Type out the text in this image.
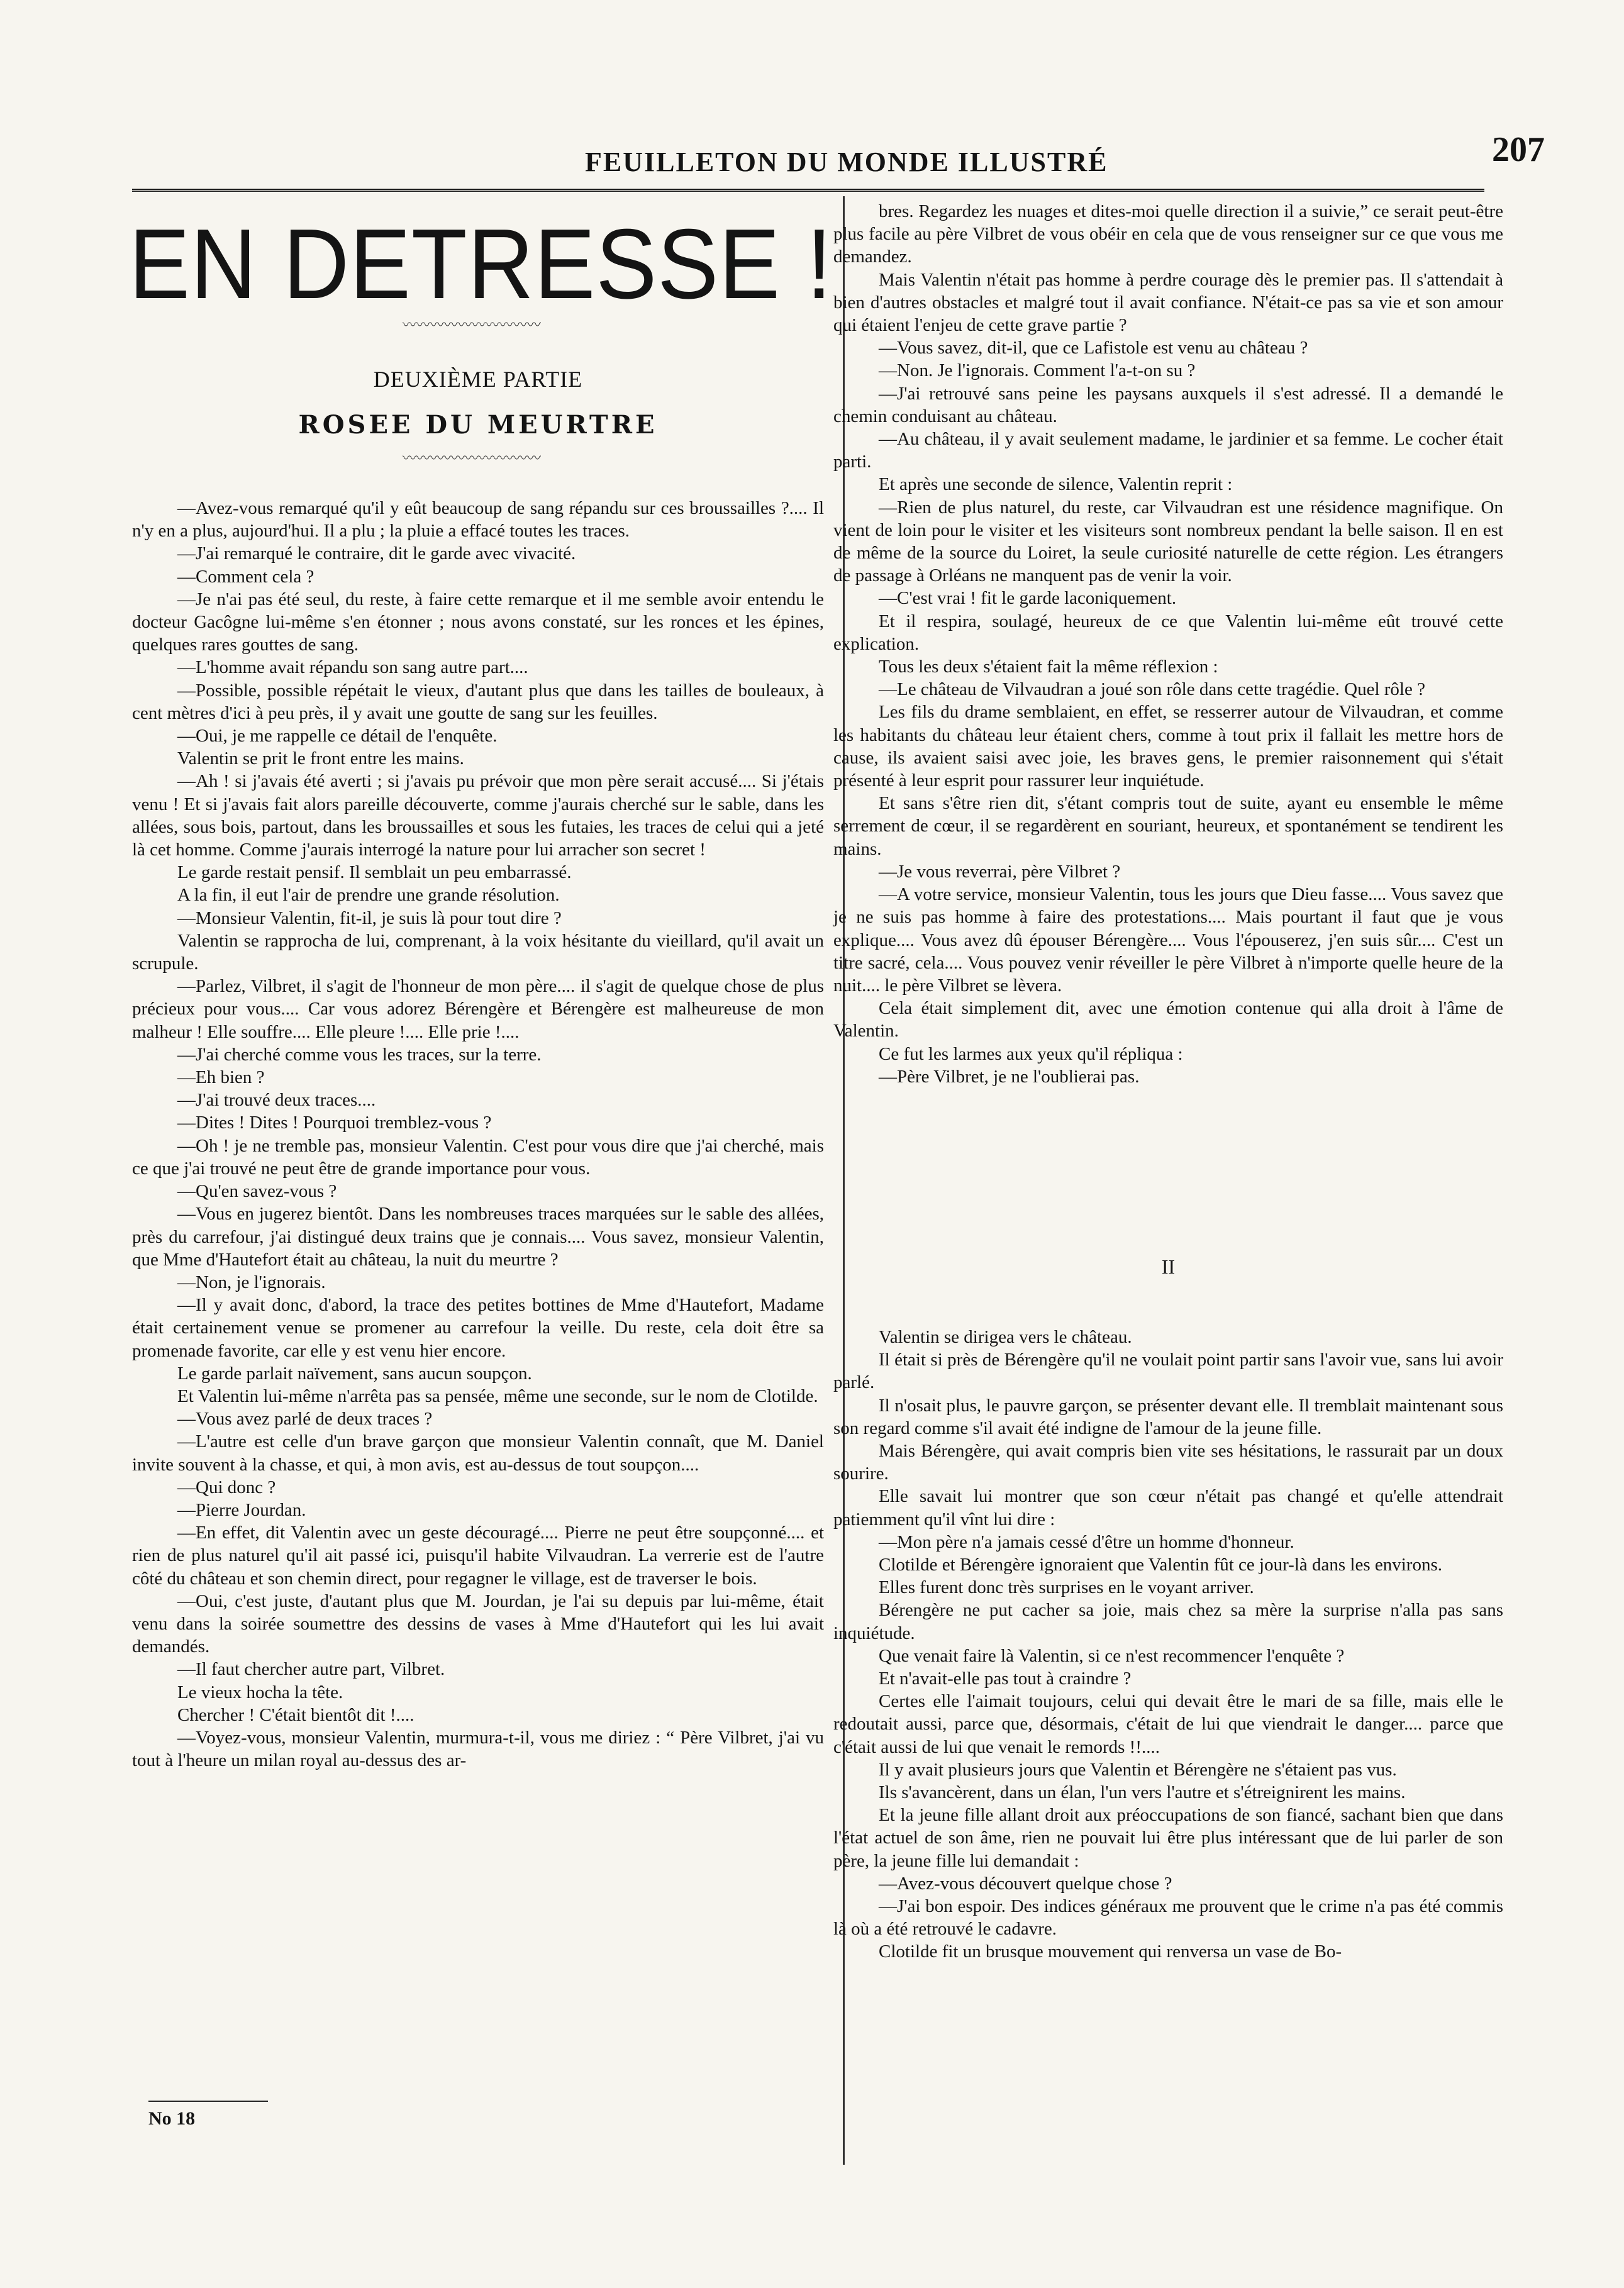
FEUILLETON DU MONDE ILLUSTRÉ	207
EN DETRESSE !
〰〰〰〰〰〰〰〰〰〰
DEUXIÈME PARTIE
ROSEE DU MEURTRE
〰〰〰〰〰〰〰〰〰〰

—Avez-vous remarqué qu'il y eût beaucoup de sang répandu sur ces broussailles ?.... Il n'y en a plus, aujourd'hui. Il a plu ; la pluie a effacé toutes les traces.

—J'ai remarqué le contraire, dit le garde avec vivacité.

—Comment cela ?

—Je n'ai pas été seul, du reste, à faire cette remarque et il me semble avoir entendu le docteur Gacôgne lui-même s'en étonner ; nous avons constaté, sur les ronces et les épines, quelques rares gouttes de sang.

—L'homme avait répandu son sang autre part....

—Possible, possible répétait le vieux, d'autant plus que dans les tailles de bouleaux, à cent mètres d'ici à peu près, il y avait une goutte de sang sur les feuilles.

—Oui, je me rappelle ce détail de l'enquête.

Valentin se prit le front entre les mains.

—Ah ! si j'avais été averti ; si j'avais pu prévoir que mon père serait accusé.... Si j'étais venu ! Et si j'avais fait alors pareille découverte, comme j'aurais cherché sur le sable, dans les allées, sous bois, partout, dans les broussailles et sous les futaies, les traces de celui qui a jeté là cet homme. Comme j'aurais interrogé la nature pour lui arracher son secret !

Le garde restait pensif. Il semblait un peu embarrassé.

A la fin, il eut l'air de prendre une grande résolution.

—Monsieur Valentin, fit-il, je suis là pour tout dire ?

Valentin se rapprocha de lui, comprenant, à la voix hésitante du vieillard, qu'il avait un scrupule.

—Parlez, Vilbret, il s'agit de l'honneur de mon père.... il s'agit de quelque chose de plus précieux pour vous.... Car vous adorez Bérengère et Bérengère est malheureuse de mon malheur ! Elle souffre.... Elle pleure !.... Elle prie !....

—J'ai cherché comme vous les traces, sur la terre.

—Eh bien ?

—J'ai trouvé deux traces....

—Dites ! Dites ! Pourquoi tremblez-vous ?

—Oh ! je ne tremble pas, monsieur Valentin. C'est pour vous dire que j'ai cherché, mais ce que j'ai trouvé ne peut être de grande importance pour vous.

—Qu'en savez-vous ?

—Vous en jugerez bientôt. Dans les nombreuses traces marquées sur le sable des allées, près du carrefour, j'ai distingué deux trains que je connais.... Vous savez, monsieur Valentin, que Mme d'Hautefort était au château, la nuit du meurtre ?

—Non, je l'ignorais.

—Il y avait donc, d'abord, la trace des petites bottines de Mme d'Hautefort, Madame était certainement venue se promener au carrefour la veille. Du reste, cela doit être sa promenade favorite, car elle y est venu hier encore.

Le garde parlait naïvement, sans aucun soupçon.

Et Valentin lui-même n'arrêta pas sa pensée, même une seconde, sur le nom de Clotilde.

—Vous avez parlé de deux traces ?

—L'autre est celle d'un brave garçon que monsieur Valentin connaît, que M. Daniel invite souvent à la chasse, et qui, à mon avis, est au-dessus de tout soupçon....

—Qui donc ?

—Pierre Jourdan.

—En effet, dit Valentin avec un geste découragé.... Pierre ne peut être soupçonné.... et rien de plus naturel qu'il ait passé ici, puisqu'il habite Vilvaudran. La verrerie est de l'autre côté du château et son chemin direct, pour regagner le village, est de traverser le bois.

—Oui, c'est juste, d'autant plus que M. Jourdan, je l'ai su depuis par lui-même, était venu dans la soirée soumettre des dessins de vases à Mme d'Hautefort qui les lui avait demandés.

—Il faut chercher autre part, Vilbret.

Le vieux hocha la tête.

Chercher ! C'était bientôt dit !....

—Voyez-vous, monsieur Valentin, murmura-t-il, vous me diriez : “ Père Vilbret, j'ai vu tout à l'heure un milan royal au-dessus des ar-

bres. Regardez les nuages et dites-moi quelle direction il a suivie,” ce serait peut-être plus facile au père Vilbret de vous obéir en cela que de vous renseigner sur ce que vous me demandez.

Mais Valentin n'était pas homme à perdre courage dès le premier pas. Il s'attendait à bien d'autres obstacles et malgré tout il avait confiance. N'était-ce pas sa vie et son amour qui étaient l'enjeu de cette grave partie ?

—Vous savez, dit-il, que ce Lafistole est venu au château ?

—Non. Je l'ignorais. Comment l'a-t-on su ?

—J'ai retrouvé sans peine les paysans auxquels il s'est adressé. Il a demandé le chemin conduisant au château.

—Au château, il y avait seulement madame, le jardinier et sa femme. Le cocher était parti.

Et après une seconde de silence, Valentin reprit :

—Rien de plus naturel, du reste, car Vilvaudran est une résidence magnifique. On vient de loin pour le visiter et les visiteurs sont nombreux pendant la belle saison. Il en est de même de la source du Loiret, la seule curiosité naturelle de cette région. Les étrangers de passage à Orléans ne manquent pas de venir la voir.

—C'est vrai ! fit le garde laconiquement.

Et il respira, soulagé, heureux de ce que Valentin lui-même eût trouvé cette explication.

Tous les deux s'étaient fait la même réflexion :

—Le château de Vilvaudran a joué son rôle dans cette tragédie. Quel rôle ?

Les fils du drame semblaient, en effet, se resserrer autour de Vilvaudran, et comme les habitants du château leur étaient chers, comme à tout prix il fallait les mettre hors de cause, ils avaient saisi avec joie, les braves gens, le premier raisonnement qui s'était présenté à leur esprit pour rassurer leur inquiétude.

Et sans s'être rien dit, s'étant compris tout de suite, ayant eu ensemble le même serrement de cœur, il se regardèrent en souriant, heureux, et spontanément se tendirent les mains.

—Je vous reverrai, père Vilbret ?

—A votre service, monsieur Valentin, tous les jours que Dieu fasse.... Vous savez que je ne suis pas homme à faire des protestations.... Mais pourtant il faut que je vous explique.... Vous avez dû épouser Bérengère.... Vous l'épouserez, j'en suis sûr.... C'est un titre sacré, cela.... Vous pouvez venir réveiller le père Vilbret à n'importe quelle heure de la nuit.... le père Vilbret se lèvera.

Cela était simplement dit, avec une émotion contenue qui alla droit à l'âme de Valentin.

Ce fut les larmes aux yeux qu'il répliqua :

—Père Vilbret, je ne l'oublierai pas.

II

Valentin se dirigea vers le château.

Il était si près de Bérengère qu'il ne voulait point partir sans l'avoir vue, sans lui avoir parlé.

Il n'osait plus, le pauvre garçon, se présenter devant elle. Il tremblait maintenant sous son regard comme s'il avait été indigne de l'amour de la jeune fille.

Mais Bérengère, qui avait compris bien vite ses hésitations, le rassurait par un doux sourire.

Elle savait lui montrer que son cœur n'était pas changé et qu'elle attendrait patiemment qu'il vînt lui dire :

—Mon père n'a jamais cessé d'être un homme d'honneur.

Clotilde et Bérengère ignoraient que Valentin fût ce jour-là dans les environs.

Elles furent donc très surprises en le voyant arriver.

Bérengère ne put cacher sa joie, mais chez sa mère la surprise n'alla pas sans inquiétude.

Que venait faire là Valentin, si ce n'est recommencer l'enquête ?

Et n'avait-elle pas tout à craindre ?

Certes elle l'aimait toujours, celui qui devait être le mari de sa fille, mais elle le redoutait aussi, parce que, désormais, c'était de lui que viendrait le danger.... parce que c'était aussi de lui que venait le remords !!....

Il y avait plusieurs jours que Valentin et Bérengère ne s'étaient pas vus.

Ils s'avancèrent, dans un élan, l'un vers l'autre et s'étreignirent les mains.

Et la jeune fille allant droit aux préoccupations de son fiancé, sachant bien que dans l'état actuel de son âme, rien ne pouvait lui être plus intéressant que de lui parler de son père, la jeune fille lui demandait :

—Avez-vous découvert quelque chose ?

—J'ai bon espoir. Des indices généraux me prouvent que le crime n'a pas été commis là où a été retrouvé le cadavre.

Clotilde fit un brusque mouvement qui renversa un vase de Bo-

No 18
